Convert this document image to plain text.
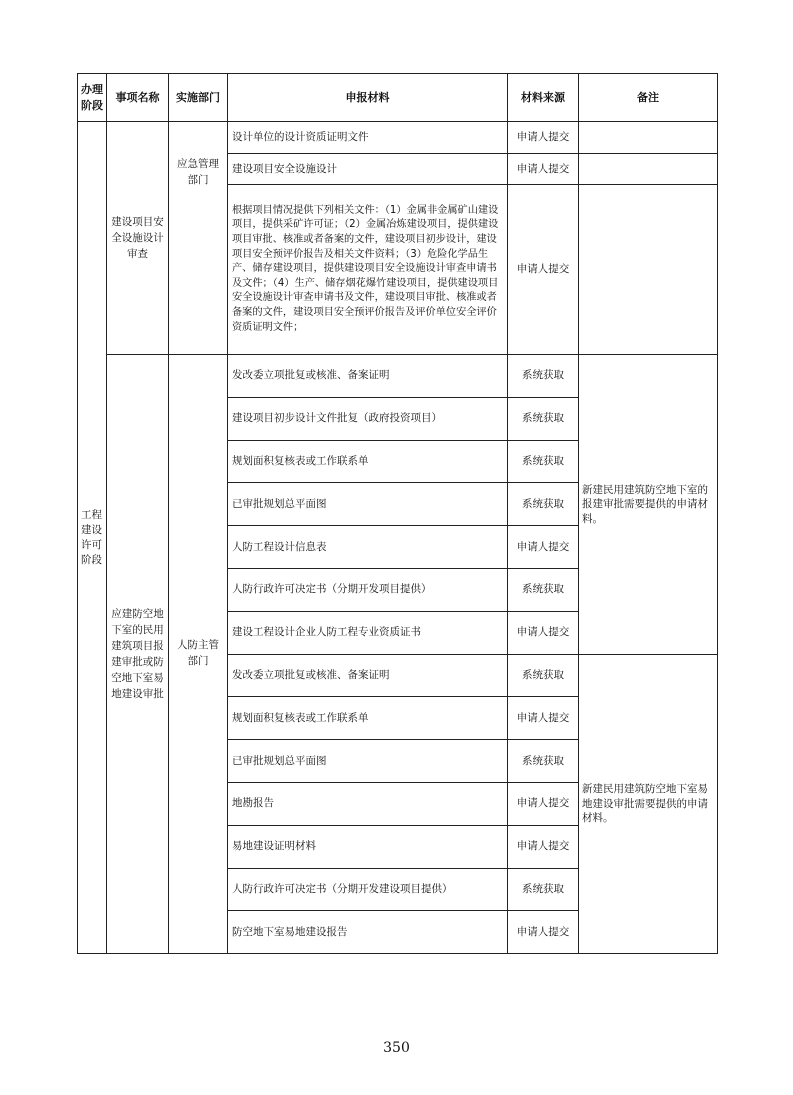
办理阶段	事项名称	实施部门	申报材料	材料来源	备注
工程建设许可阶段	建设项目安全设施设计审查	应急管理部门	设计单位的设计资质证明文件	申请人提交	
			建设项目安全设施设计	申请人提交	
			根据项目情况提供下列相关文件：（1）金属非金属矿山建设项目，提供采矿许可证；（2）金属冶炼建设项目，提供建设项目审批、核准或者备案的文件，建设项目初步设计，建设项目安全预评价报告及相关文件资料；（3）危险化学品生产、储存建设项目，提供建设项目安全设施设计审查申请书及文件；（4）生产、储存烟花爆竹建设项目，提供建设项目安全设施设计审查申请书及文件，建设项目审批、核准或者备案的文件，建设项目安全预评价报告及评价单位安全评价资质证明文件；	申请人提交	
	应建防空地下室的民用建筑项目报建审批或防空地下室易地建设审批	人防主管部门	发改委立项批复或核准、备案证明	系统获取	新建民用建筑防空地下室的报建审批需要提供的申请材料。
			建设项目初步设计文件批复（政府投资项目）	系统获取	
			规划面积复核表或工作联系单	系统获取	
			已审批规划总平面图	系统获取	
			人防工程设计信息表	申请人提交	
			人防行政许可决定书（分期开发项目提供）	系统获取	
			建设工程设计企业人防工程专业资质证书	申请人提交	
			发改委立项批复或核准、备案证明	系统获取	新建民用建筑防空地下室易地建设审批需要提供的申请材料。
			规划面积复核表或工作联系单	申请人提交	
			已审批规划总平面图	系统获取	
			地勘报告	申请人提交	
			易地建设证明材料	申请人提交	
			人防行政许可决定书（分期开发建设项目提供）	系统获取	
			防空地下室易地建设报告	申请人提交	
350
